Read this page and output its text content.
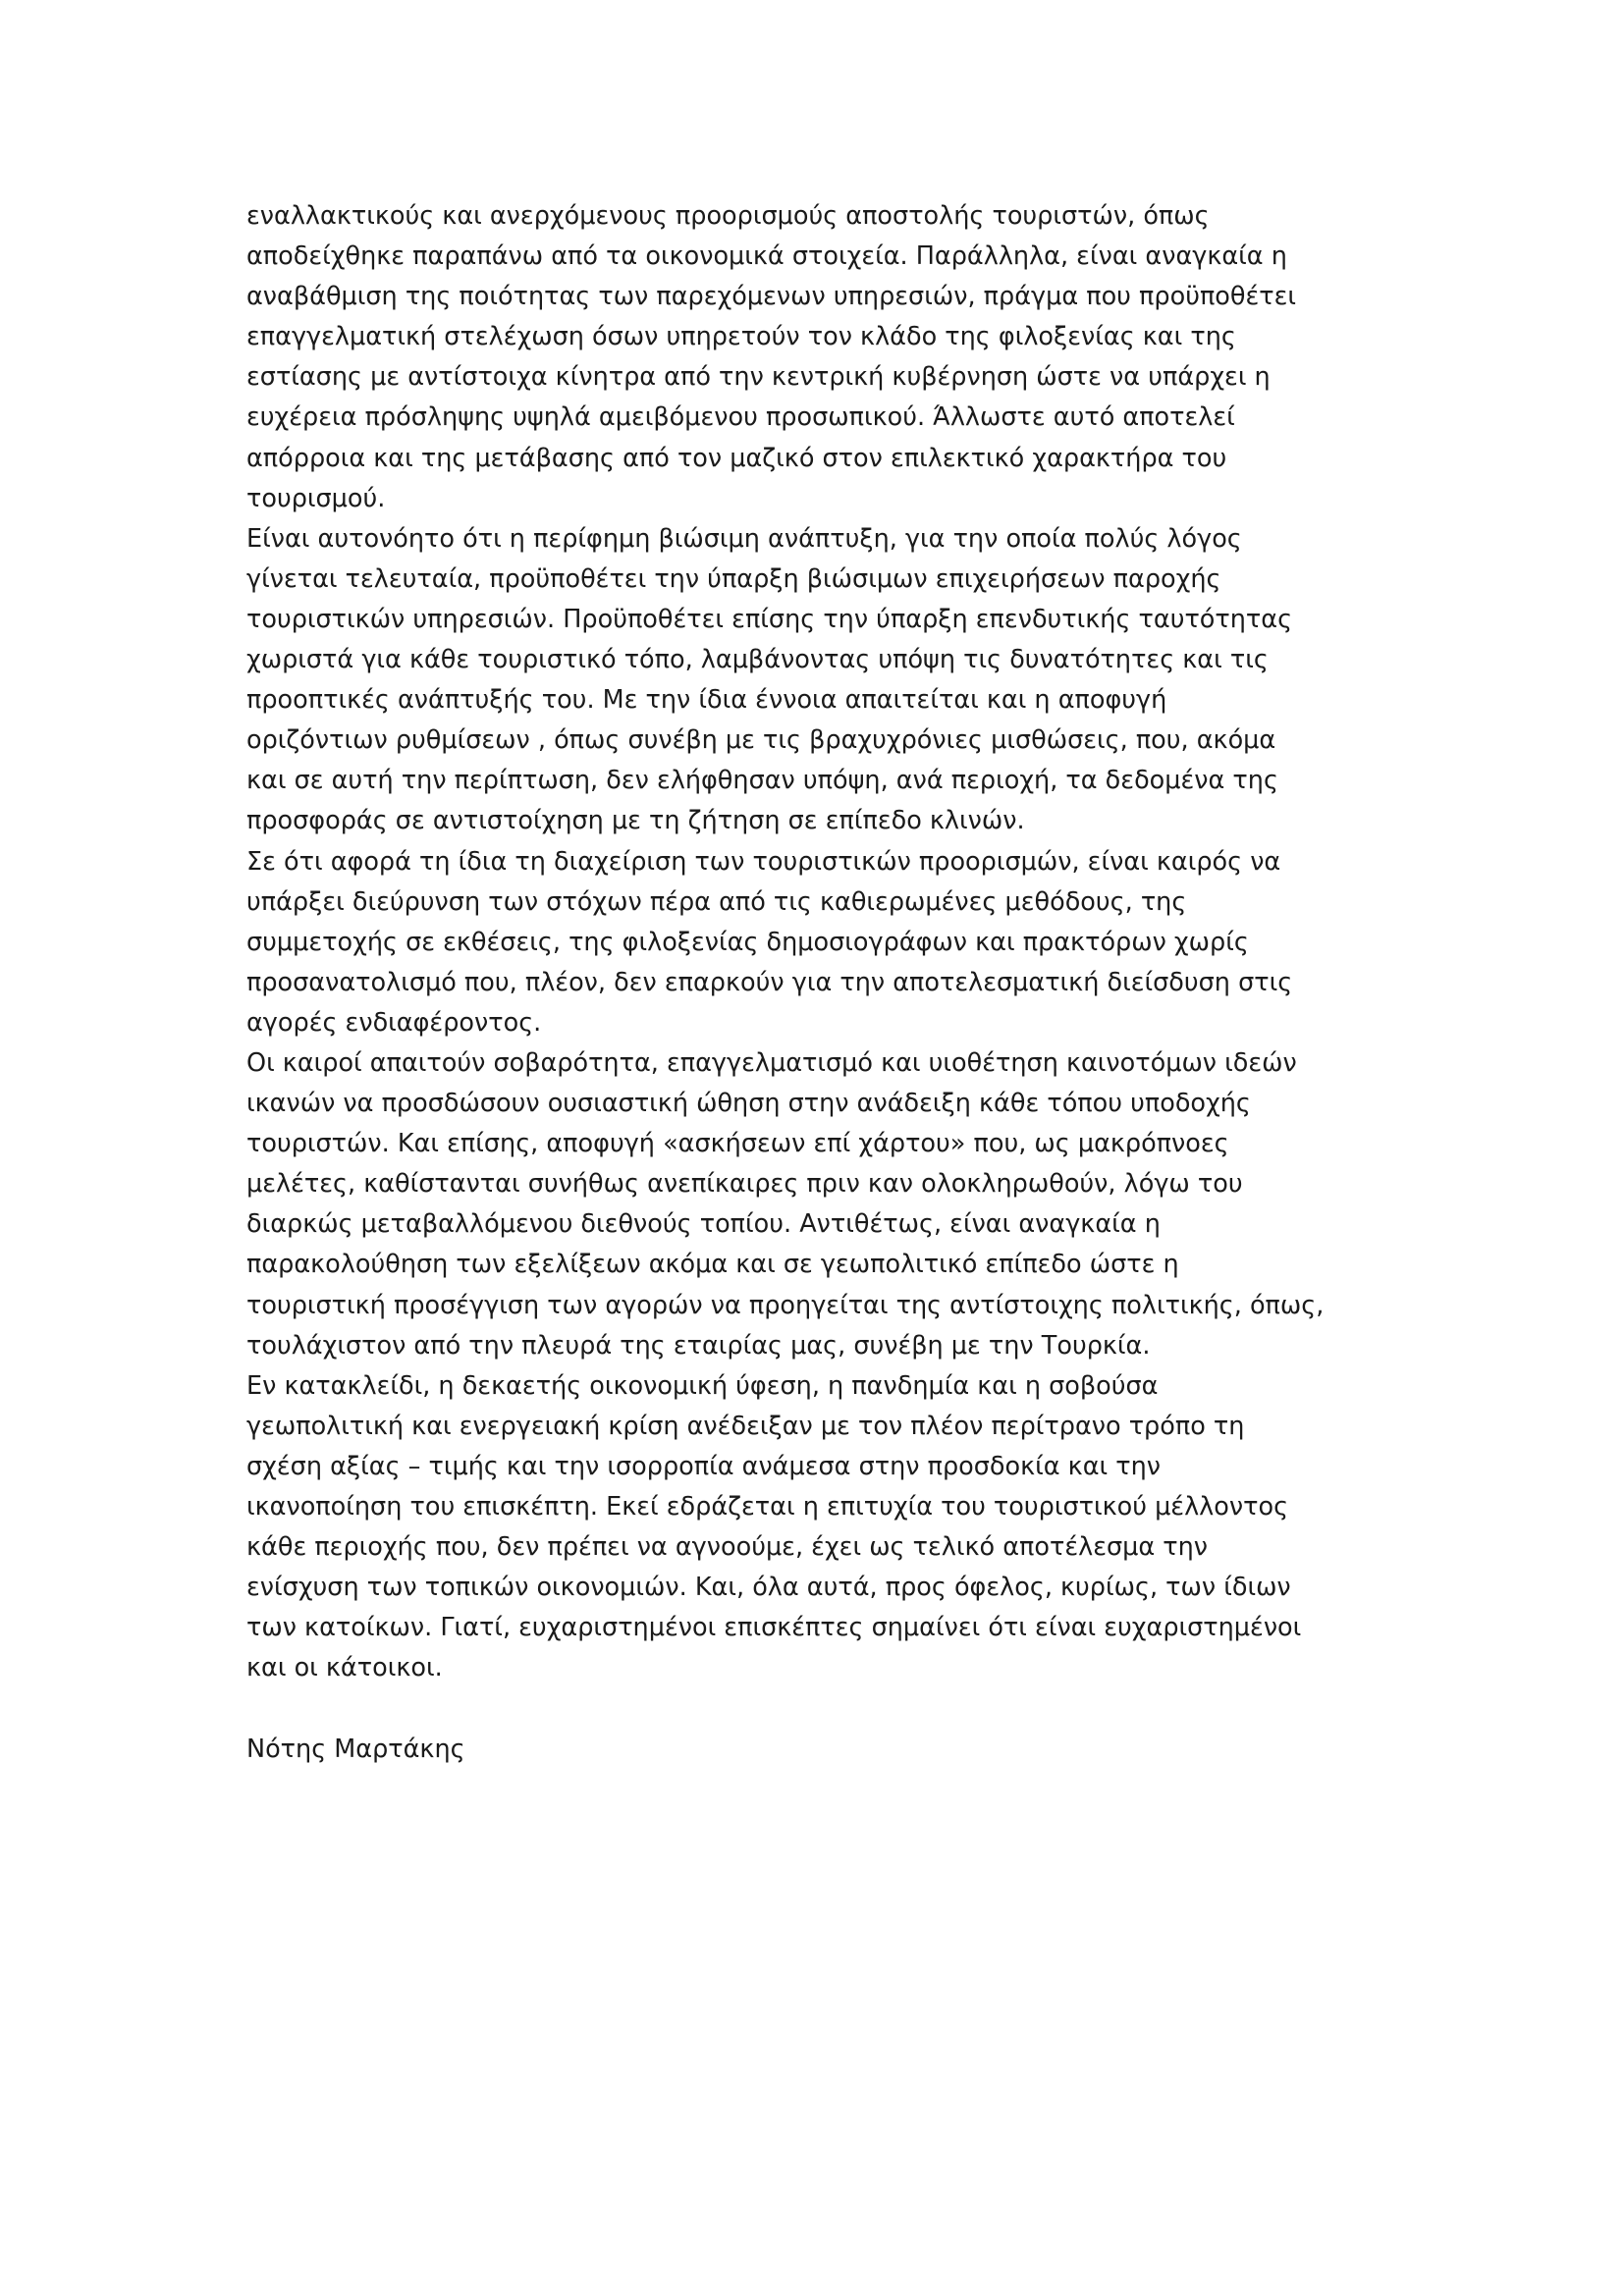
εναλλακτικούς και ανερχόμενους προορισμούς αποστολής τουριστών, όπως
αποδείχθηκε παραπάνω από τα οικονομικά στοιχεία. Παράλληλα, είναι αναγκαία η
αναβάθμιση της ποιότητας των παρεχόμενων υπηρεσιών, πράγμα που προϋποθέτει
επαγγελματική στελέχωση όσων υπηρετούν τον κλάδο της φιλοξενίας και της
εστίασης με αντίστοιχα κίνητρα από την κεντρική κυβέρνηση ώστε να υπάρχει η
ευχέρεια πρόσληψης υψηλά αμειβόμενου προσωπικού. Άλλωστε αυτό αποτελεί
απόρροια και της μετάβασης από τον μαζικό στον επιλεκτικό χαρακτήρα του
τουρισμού.
Είναι αυτονόητο ότι η περίφημη βιώσιμη ανάπτυξη, για την οποία πολύς λόγος
γίνεται τελευταία, προϋποθέτει την ύπαρξη βιώσιμων επιχειρήσεων παροχής
τουριστικών υπηρεσιών. Προϋποθέτει επίσης την ύπαρξη επενδυτικής ταυτότητας
χωριστά για κάθε τουριστικό τόπο, λαμβάνοντας υπόψη τις δυνατότητες και τις
προοπτικές ανάπτυξής του. Με την ίδια έννοια απαιτείται και η αποφυγή
οριζόντιων ρυθμίσεων , όπως συνέβη με τις βραχυχρόνιες μισθώσεις, που, ακόμα
και σε αυτή την περίπτωση, δεν ελήφθησαν υπόψη, ανά περιοχή, τα δεδομένα της
προσφοράς σε αντιστοίχηση με τη ζήτηση σε επίπεδο κλινών.
Σε ότι αφορά τη ίδια τη διαχείριση των τουριστικών προορισμών, είναι καιρός να
υπάρξει διεύρυνση των στόχων πέρα από τις καθιερωμένες μεθόδους, της
συμμετοχής σε εκθέσεις, της φιλοξενίας δημοσιογράφων και πρακτόρων χωρίς
προσανατολισμό που, πλέον, δεν επαρκούν για την αποτελεσματική διείσδυση στις
αγορές ενδιαφέροντος.
Οι καιροί απαιτούν σοβαρότητα, επαγγελματισμό και υιοθέτηση καινοτόμων ιδεών
ικανών να προσδώσουν ουσιαστική ώθηση στην ανάδειξη κάθε τόπου υποδοχής
τουριστών. Και επίσης, αποφυγή «ασκήσεων επί χάρτου» που, ως μακρόπνοες
μελέτες, καθίστανται συνήθως ανεπίκαιρες πριν καν ολοκληρωθούν, λόγω του
διαρκώς μεταβαλλόμενου διεθνούς τοπίου. Αντιθέτως, είναι αναγκαία η
παρακολούθηση των εξελίξεων ακόμα και σε γεωπολιτικό επίπεδο ώστε η
τουριστική προσέγγιση των αγορών να προηγείται της αντίστοιχης πολιτικής, όπως,
τουλάχιστον από την πλευρά της εταιρίας μας, συνέβη με την Τουρκία.
Εν κατακλείδι, η δεκαετής οικονομική ύφεση, η πανδημία και η σοβούσα
γεωπολιτική και ενεργειακή κρίση ανέδειξαν με τον πλέον περίτρανο τρόπο τη
σχέση αξίας – τιμής και την ισορροπία ανάμεσα στην προσδοκία και την
ικανοποίηση του επισκέπτη. Εκεί εδράζεται η επιτυχία του τουριστικού μέλλοντος
κάθε περιοχής που, δεν πρέπει να αγνοούμε, έχει ως τελικό αποτέλεσμα την
ενίσχυση των τοπικών οικονομιών. Και, όλα αυτά, προς όφελος, κυρίως, των ίδιων
των κατοίκων. Γιατί, ευχαριστημένοι επισκέπτες σημαίνει ότι είναι ευχαριστημένοι
και οι κάτοικοι.
Νότης Μαρτάκης
